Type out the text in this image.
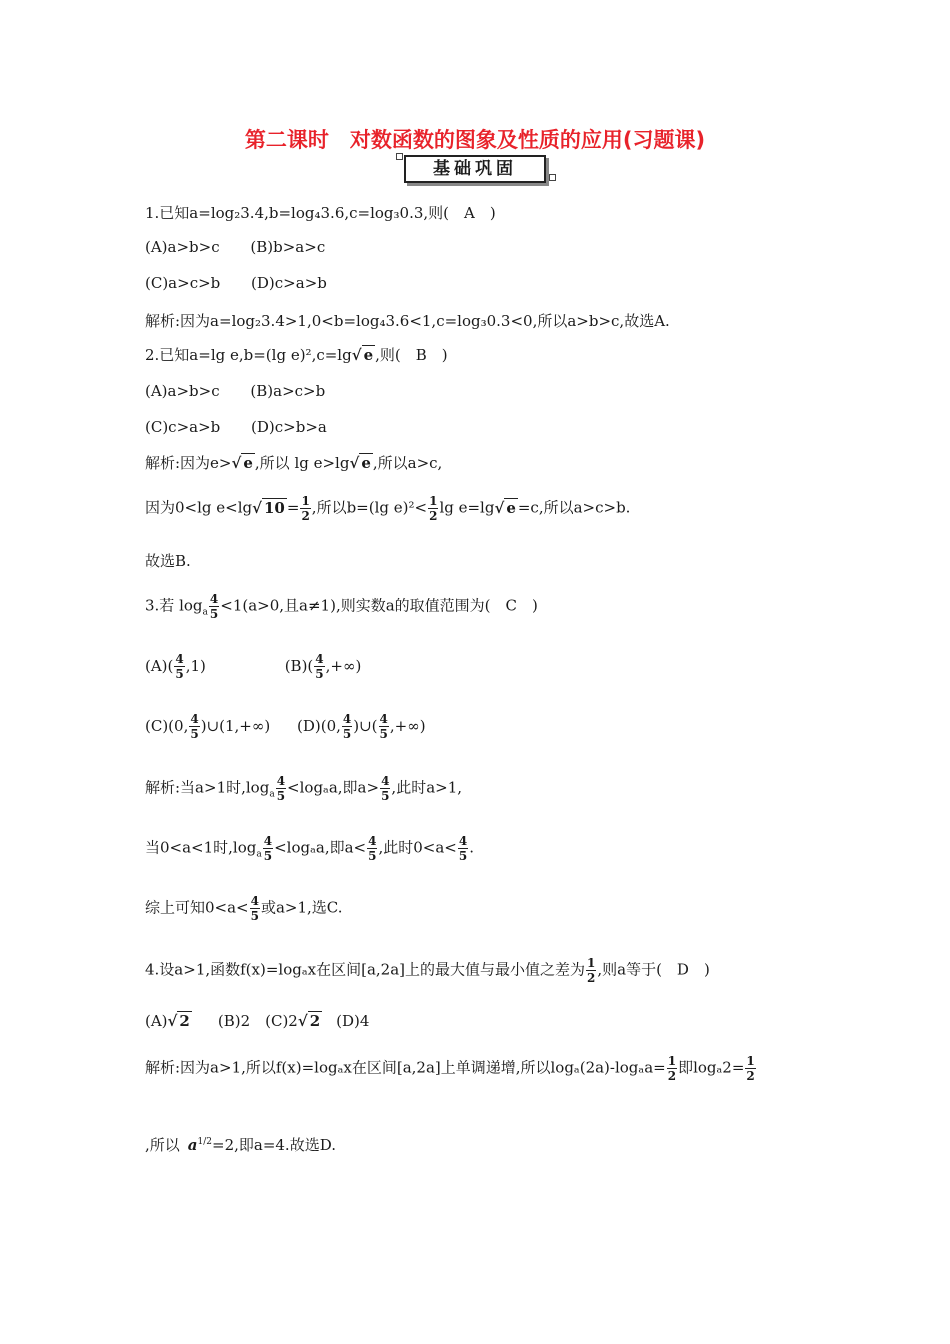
第二课时　对数函数的图象及性质的应用(习题课)
基础巩固
1.已知a=log₂3.4,b=log₄3.6,c=log₃0.3,则(　A　)
(A)a>b>c (B)b>a>c
(C)a>c>b (D)c>a>b
解析:因为a=log₂3.4>1,0<b=log₄3.6<1,c=log₃0.3<0,所以a>b>c,故选A.
2.已知a=lg e,b=(lg e)²,c=lg√ e ,则(　B　)
(A)a>b>c (B)a>c>b
(C)c>a>b (D)c>b>a
解析:因为e>√ e ,所以 lg e>lg√ e ,所以a>c,
因为0<lg e<lg√ $10 = \frac{1}{2}$ ,所以b=(lg $e)^2< \frac{1}{2}$ lg e=lg√ e =c,所以a>c>b.
故选B.
3.若 $\log_a \frac{4}{5} <1(a>0$,且a≠1),则实数a的取值范围为(　C　)
$(A)( \frac{4}{5} ,1)$	$(B)( \frac{4}{5}$ ,+∞)
(C)(0, $\frac{4}{5}$ )∪(1,+∞) (D)(0, $\frac{4}{5}$ )∪( $\frac{4}{5}$ ,+∞)
解析:当a>1时$,\log_a \frac{4}{5} <\log_aa$,即$a> \frac{4}{5}$ ,此时a>1,
当0<a<1时$,\log_a \frac{4}{5} <\log_aa$,即$a< \frac{4}{5}$ ,此时$0<a< \frac{4}{5}$ .
综上可知$0<a< \frac{4}{5}$ 或a>1,选C.
4.设a>1,函数f(x)=logₐx在区间[a,2a]上的最大值与最小值之差为 $\frac{1}{2}$ ,则a等于(　D　)
(A)√ 2 (B)2　(C)2√ 2 (D)4
解析:因为a>1,所以f(x)=logₐx在区间[a,2a]上单调递增,所以$\log_a(2a)-\log_aa= \frac{1}{2}$ 即$\log_a2= \frac{1}{2}$
,所以 $a^{1/2}=2$,即a=4.故选D.
